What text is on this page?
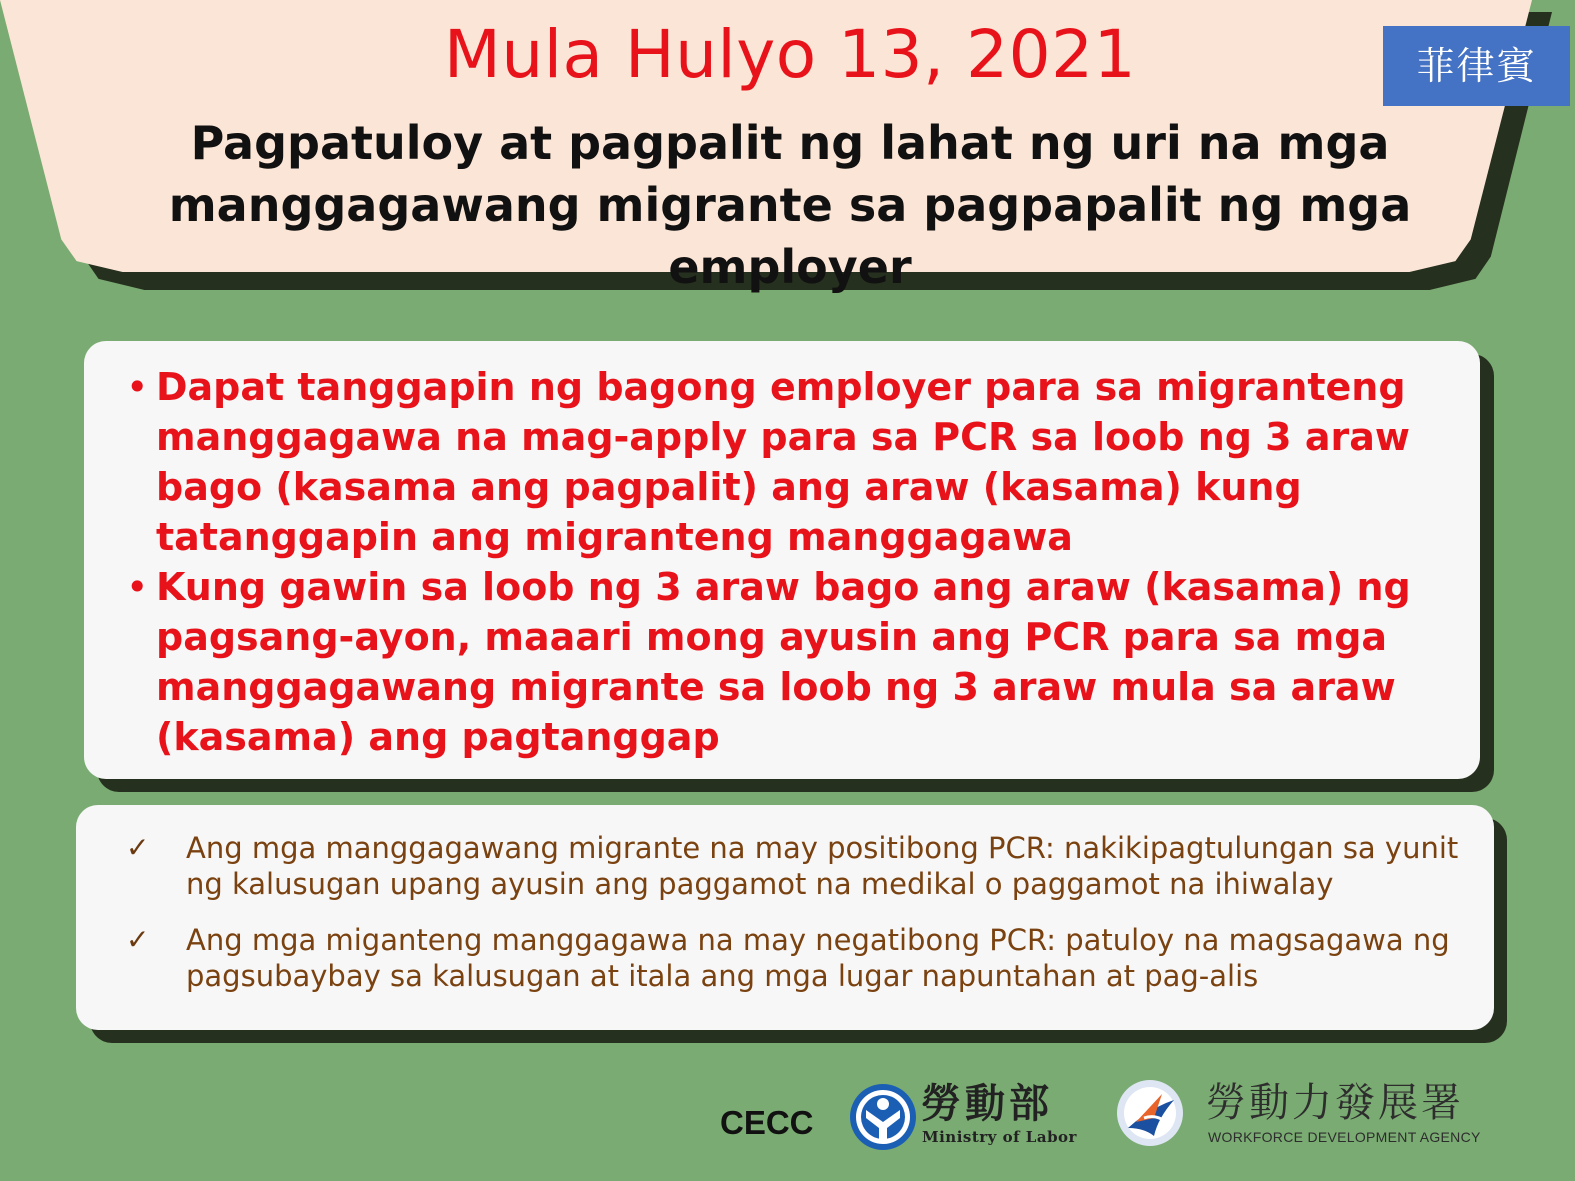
Mula Hulyo 13, 2021
Pagpatuloy at pagpalit ng lahat ng uri na mga
manggagawang migrante sa pagpapalit ng mga employer
菲律賓
• Dapat tanggapin ng bagong employer para sa migranteng manggagawa na mag-apply para sa PCR sa loob ng 3 araw bago (kasama ang pagpalit) ang araw (kasama) kung tatanggapin ang migranteng manggagawa
• Kung gawin sa loob ng 3 araw bago ang araw (kasama) ng pagsang-ayon, maaari mong ayusin ang PCR para sa mga manggagawang migrante sa loob ng 3 araw mula sa araw (kasama) ang pagtanggap
✓ Ang mga manggagawang migrante na may positibong PCR: nakikipagtulungan sa yunit ng kalusugan upang ayusin ang paggamot na medikal o paggamot na ihiwalay
✓ Ang mga miganteng manggagawa na may negatibong PCR: patuloy na magsagawa ng pagsubaybay sa kalusugan at itala ang mga lugar napuntahan at pag-alis
CECC	勞動部
Ministry of Labor
勞動力發展署
WORKFORCE DEVELOPMENT AGENCY
